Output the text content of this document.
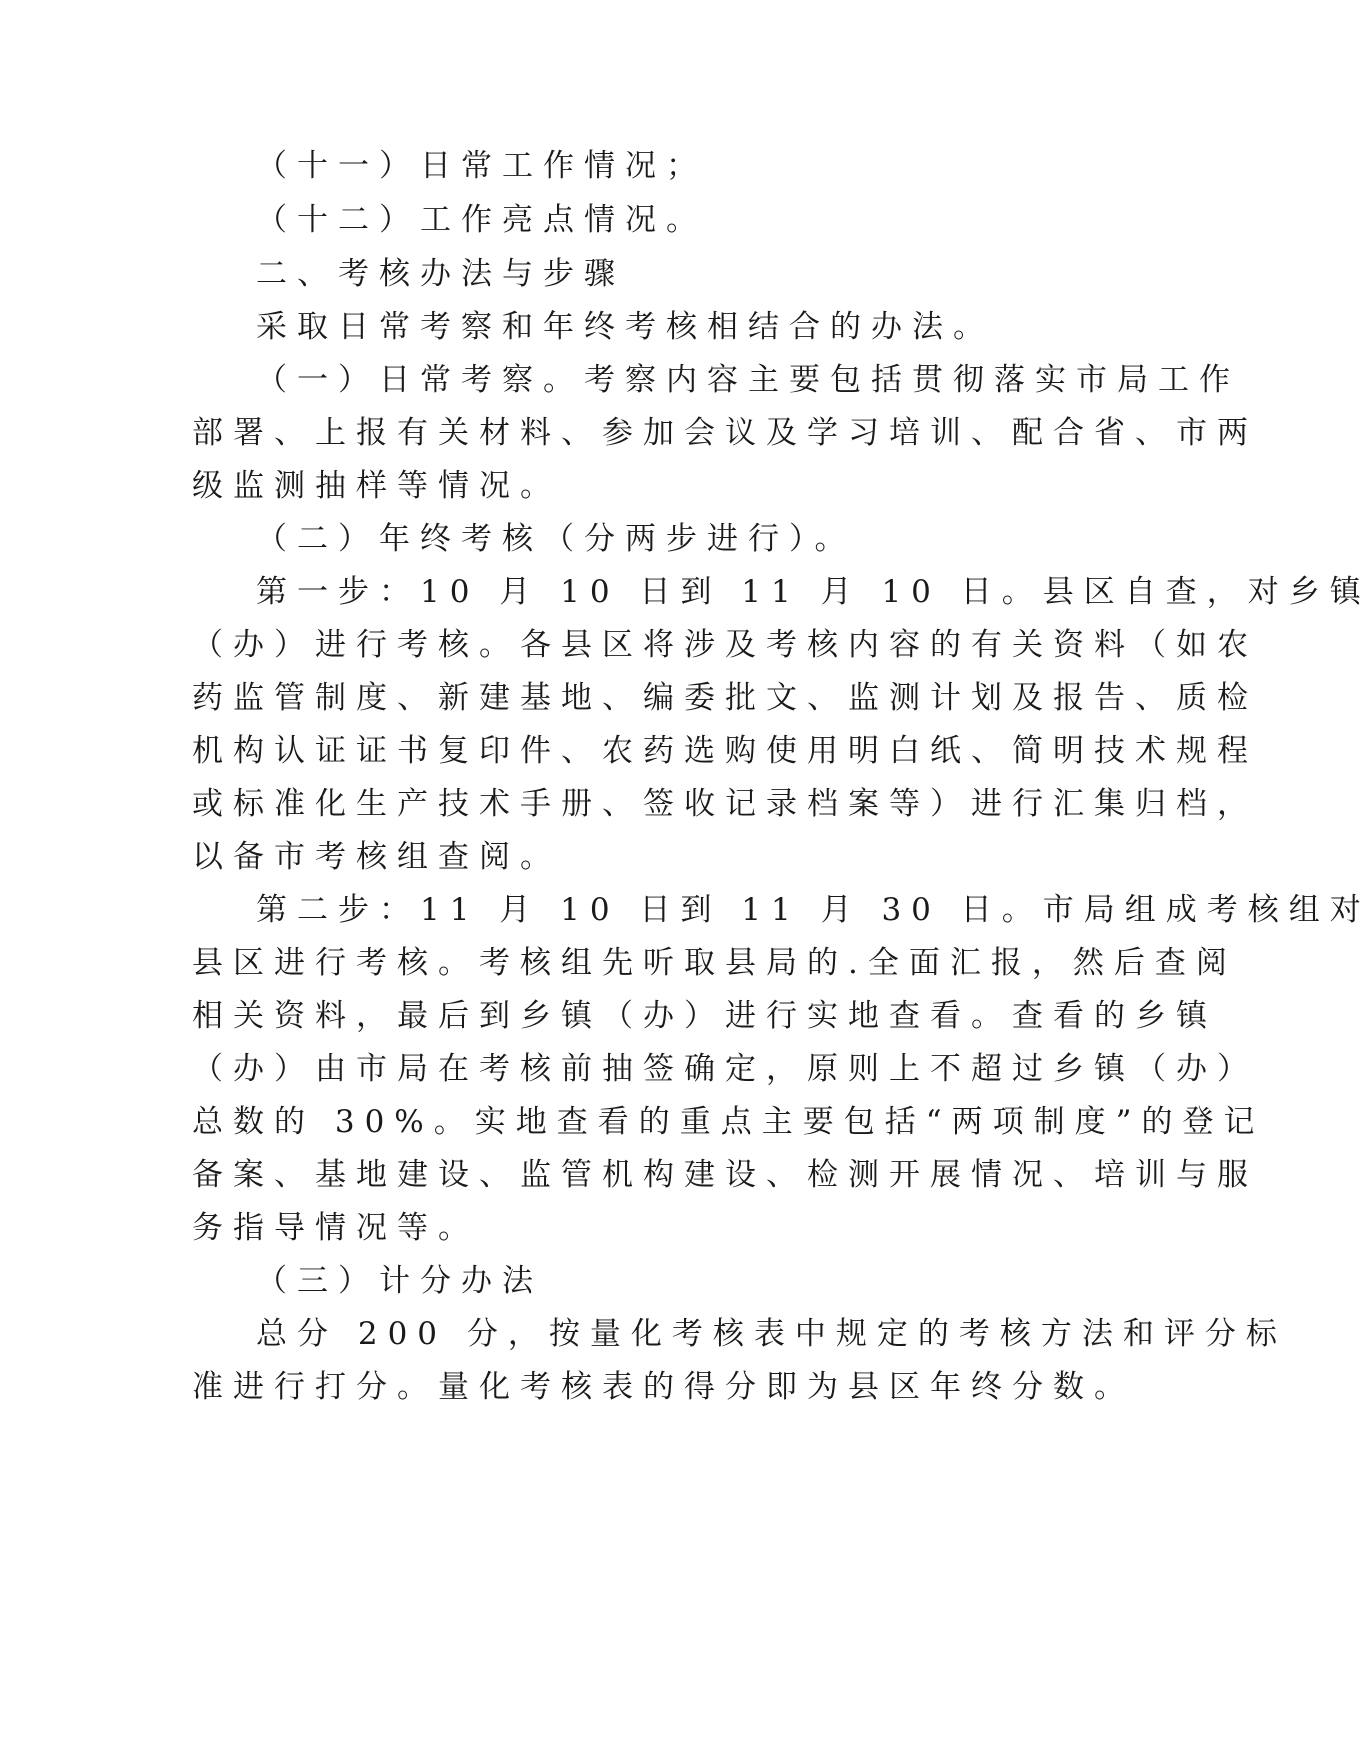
（十一）日常工作情况；
（十二）工作亮点情况。
二、考核办法与步骤
采取日常考察和年终考核相结合的办法。
（一）日常考察。考察内容主要包括贯彻落实市局工作
部署、上报有关材料、参加会议及学习培训、配合省、市两
级监测抽样等情况。
（二）年终考核（分两步进行）。
第一步：10 月 10 日到 11 月 10 日。县区自查，对乡镇
（办）进行考核。各县区将涉及考核内容的有关资料（如农
药监管制度、新建基地、编委批文、监测计划及报告、质检
机构认证证书复印件、农药选购使用明白纸、简明技术规程
或标准化生产技术手册、签收记录档案等）进行汇集归档，
以备市考核组查阅。
第二步：11 月 10 日到 11 月 30 日。市局组成考核组对
县区进行考核。考核组先听取县局的.全面汇报，然后查阅
相关资料，最后到乡镇（办）进行实地查看。查看的乡镇
（办）由市局在考核前抽签确定，原则上不超过乡镇（办）
总数的 30%。实地查看的重点主要包括“两项制度”的登记
备案、基地建设、监管机构建设、检测开展情况、培训与服
务指导情况等。
（三）计分办法
总分 200 分，按量化考核表中规定的考核方法和评分标
准进行打分。量化考核表的得分即为县区年终分数。
